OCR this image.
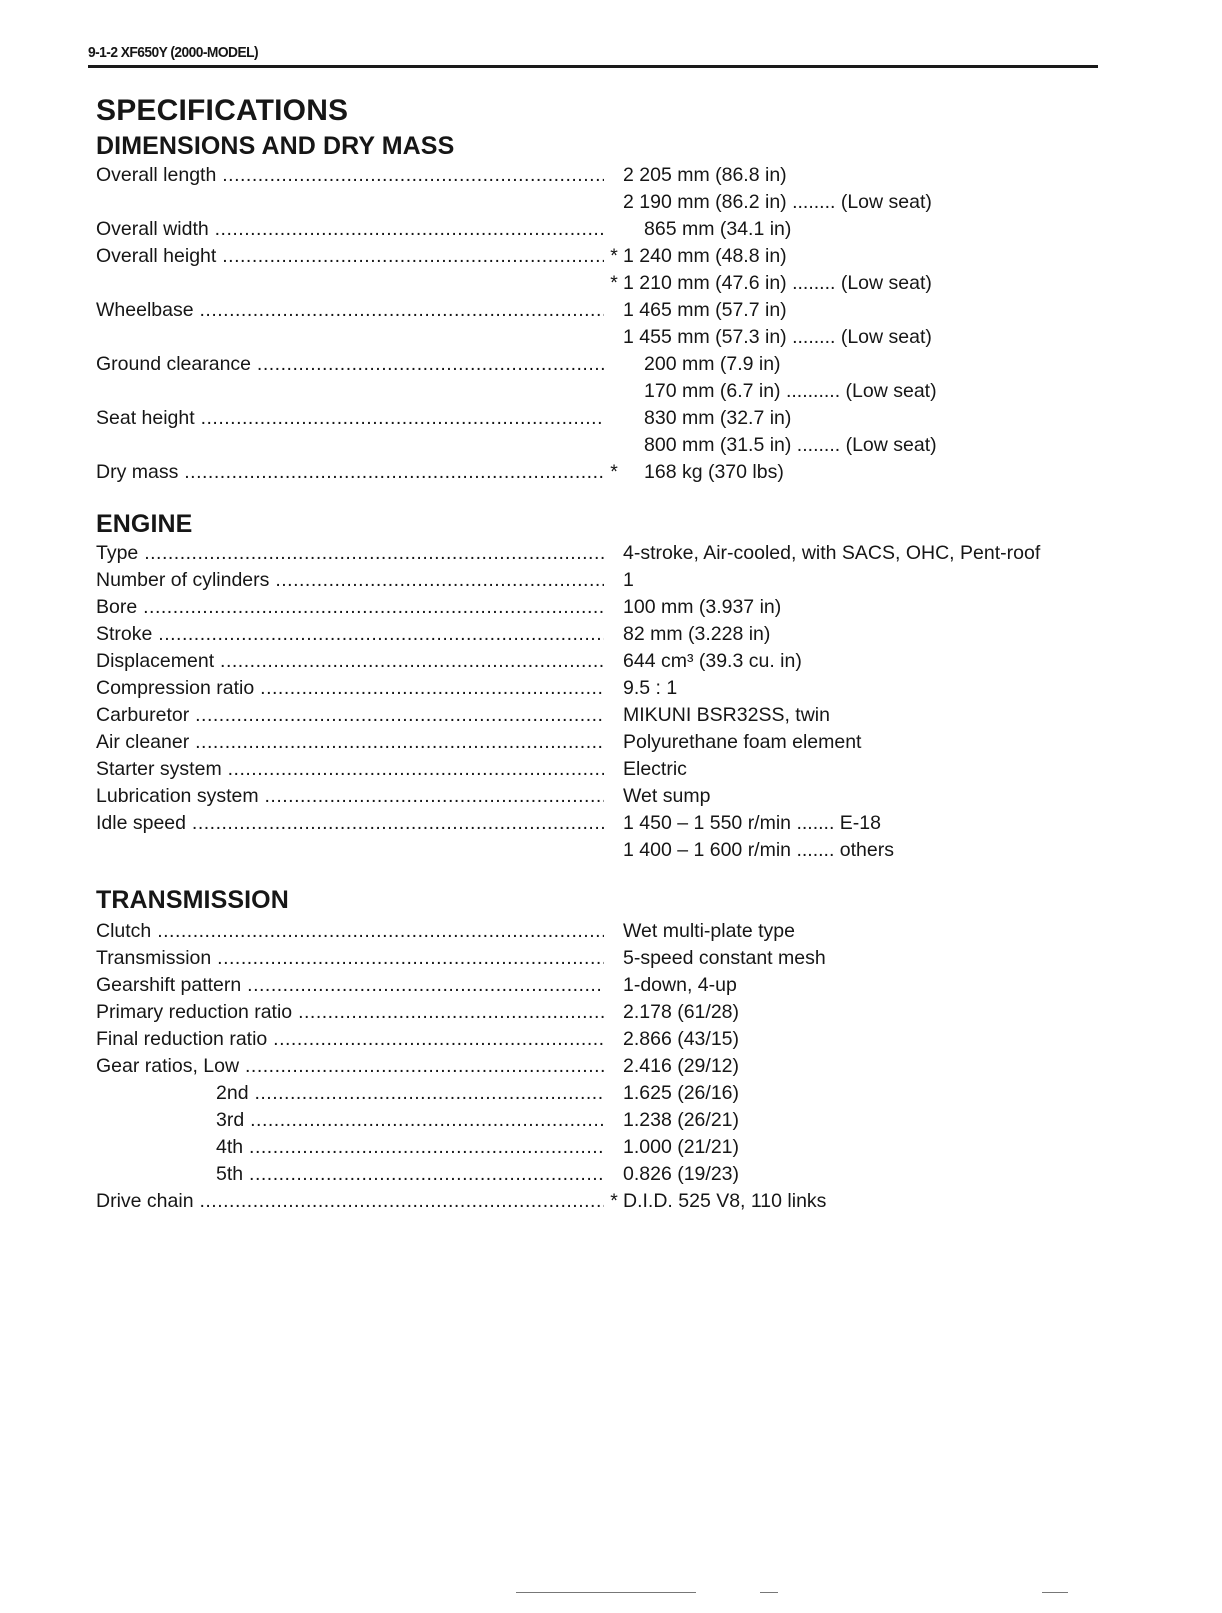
9-1-2 XF650Y (2000-MODEL)
SPECIFICATIONS
DIMENSIONS AND DRY MASS
Overall length .....	2 205 mm (86.8 in)
2 190 mm (86.2 in) ........ (Low seat)
Overall width .....	865 mm (34.1 in)
Overall height .....	* 1 240 mm (48.8 in)
* 1 210 mm (47.6 in) ........ (Low seat)
Wheelbase .....	1 465 mm (57.7 in)
1 455 mm (57.3 in) ........ (Low seat)
Ground clearance .....	200 mm (7.9 in)
170 mm (6.7 in) .......... (Low seat)
Seat height .....	830 mm (32.7 in)
800 mm (31.5 in) ........ (Low seat)
Dry mass .....	* 168 kg (370 lbs)
ENGINE
Type .....	4-stroke, Air-cooled, with SACS, OHC, Pent-roof
Number of cylinders .....	1
Bore .....	100 mm (3.937 in)
Stroke .....	82 mm (3.228 in)
Displacement .....	644 cm³ (39.3 cu. in)
Compression ratio .....	9.5 : 1
Carburetor .....	MIKUNI BSR32SS, twin
Air cleaner .....	Polyurethane foam element
Starter system .....	Electric
Lubrication system .....	Wet sump
Idle speed .....	1 450 – 1 550 r/min ....... E-18
1 400 – 1 600 r/min ....... others
TRANSMISSION
Clutch .....	Wet multi-plate type
Transmission .....	5-speed constant mesh
Gearshift pattern .....	1-down, 4-up
Primary reduction ratio .....	2.178 (61/28)
Final reduction ratio .....	2.866 (43/15)
Gear ratios, Low .....	2.416 (29/12)
2nd .....	1.625 (26/16)
3rd .....	1.238 (26/21)
4th .....	1.000 (21/21)
5th .....	0.826 (19/23)
Drive chain .....	* D.I.D. 525 V8, 110 links
